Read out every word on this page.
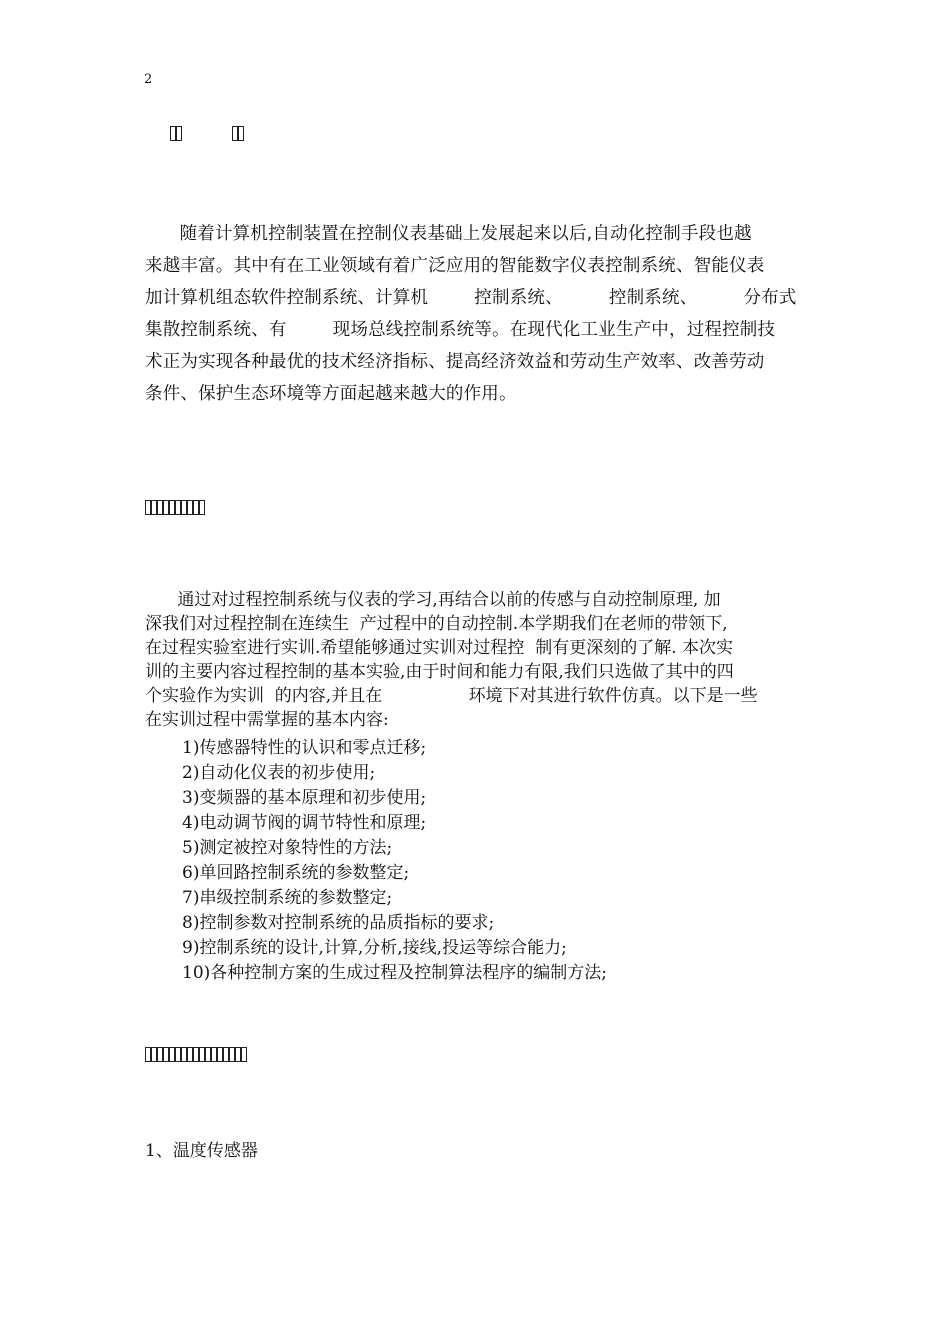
2
随着计算机控制装置在控制仪表基础上发展起来以后,自动化控制手段也越
来越丰富。其中有在工业领域有着广泛应用的智能数字仪表控制系统、智能仪表
加计算机组态软件控制系统、计算机        控制系统、        控制系统、        分布式
集散控制系统、有        现场总线控制系统等。在现代化工业生产中，过程控制技
术正为实现各种最优的技术经济指标、提高经济效益和劳动生产效率、改善劳动
条件、保护生态环境等方面起越来越大的作用。
通过对过程控制系统与仪表的学习,再结合以前的传感与自动控制原理, 加
深我们对过程控制在连续生  产过程中的自动控制.本学期我们在老师的带领下,
在过程实验室进行实训.希望能够通过实训对过程控  制有更深刻的了解. 本次实
训的主要内容过程控制的基本实验,由于时间和能力有限,我们只选做了其中的四
个实验作为实训  的内容,并且在                环境下对其进行软件仿真。以下是一些
在实训过程中需掌握的基本内容:
1)传感器特性的认识和零点迁移;
2)自动化仪表的初步使用;
3)变频器的基本原理和初步使用;
4)电动调节阀的调节特性和原理;
5)测定被控对象特性的方法;
6)单回路控制系统的参数整定;
7)串级控制系统的参数整定;
8)控制参数对控制系统的品质指标的要求;
9)控制系统的设计,计算,分析,接线,投运等综合能力;
10)各种控制方案的生成过程及控制算法程序的编制方法;
1、温度传感器
